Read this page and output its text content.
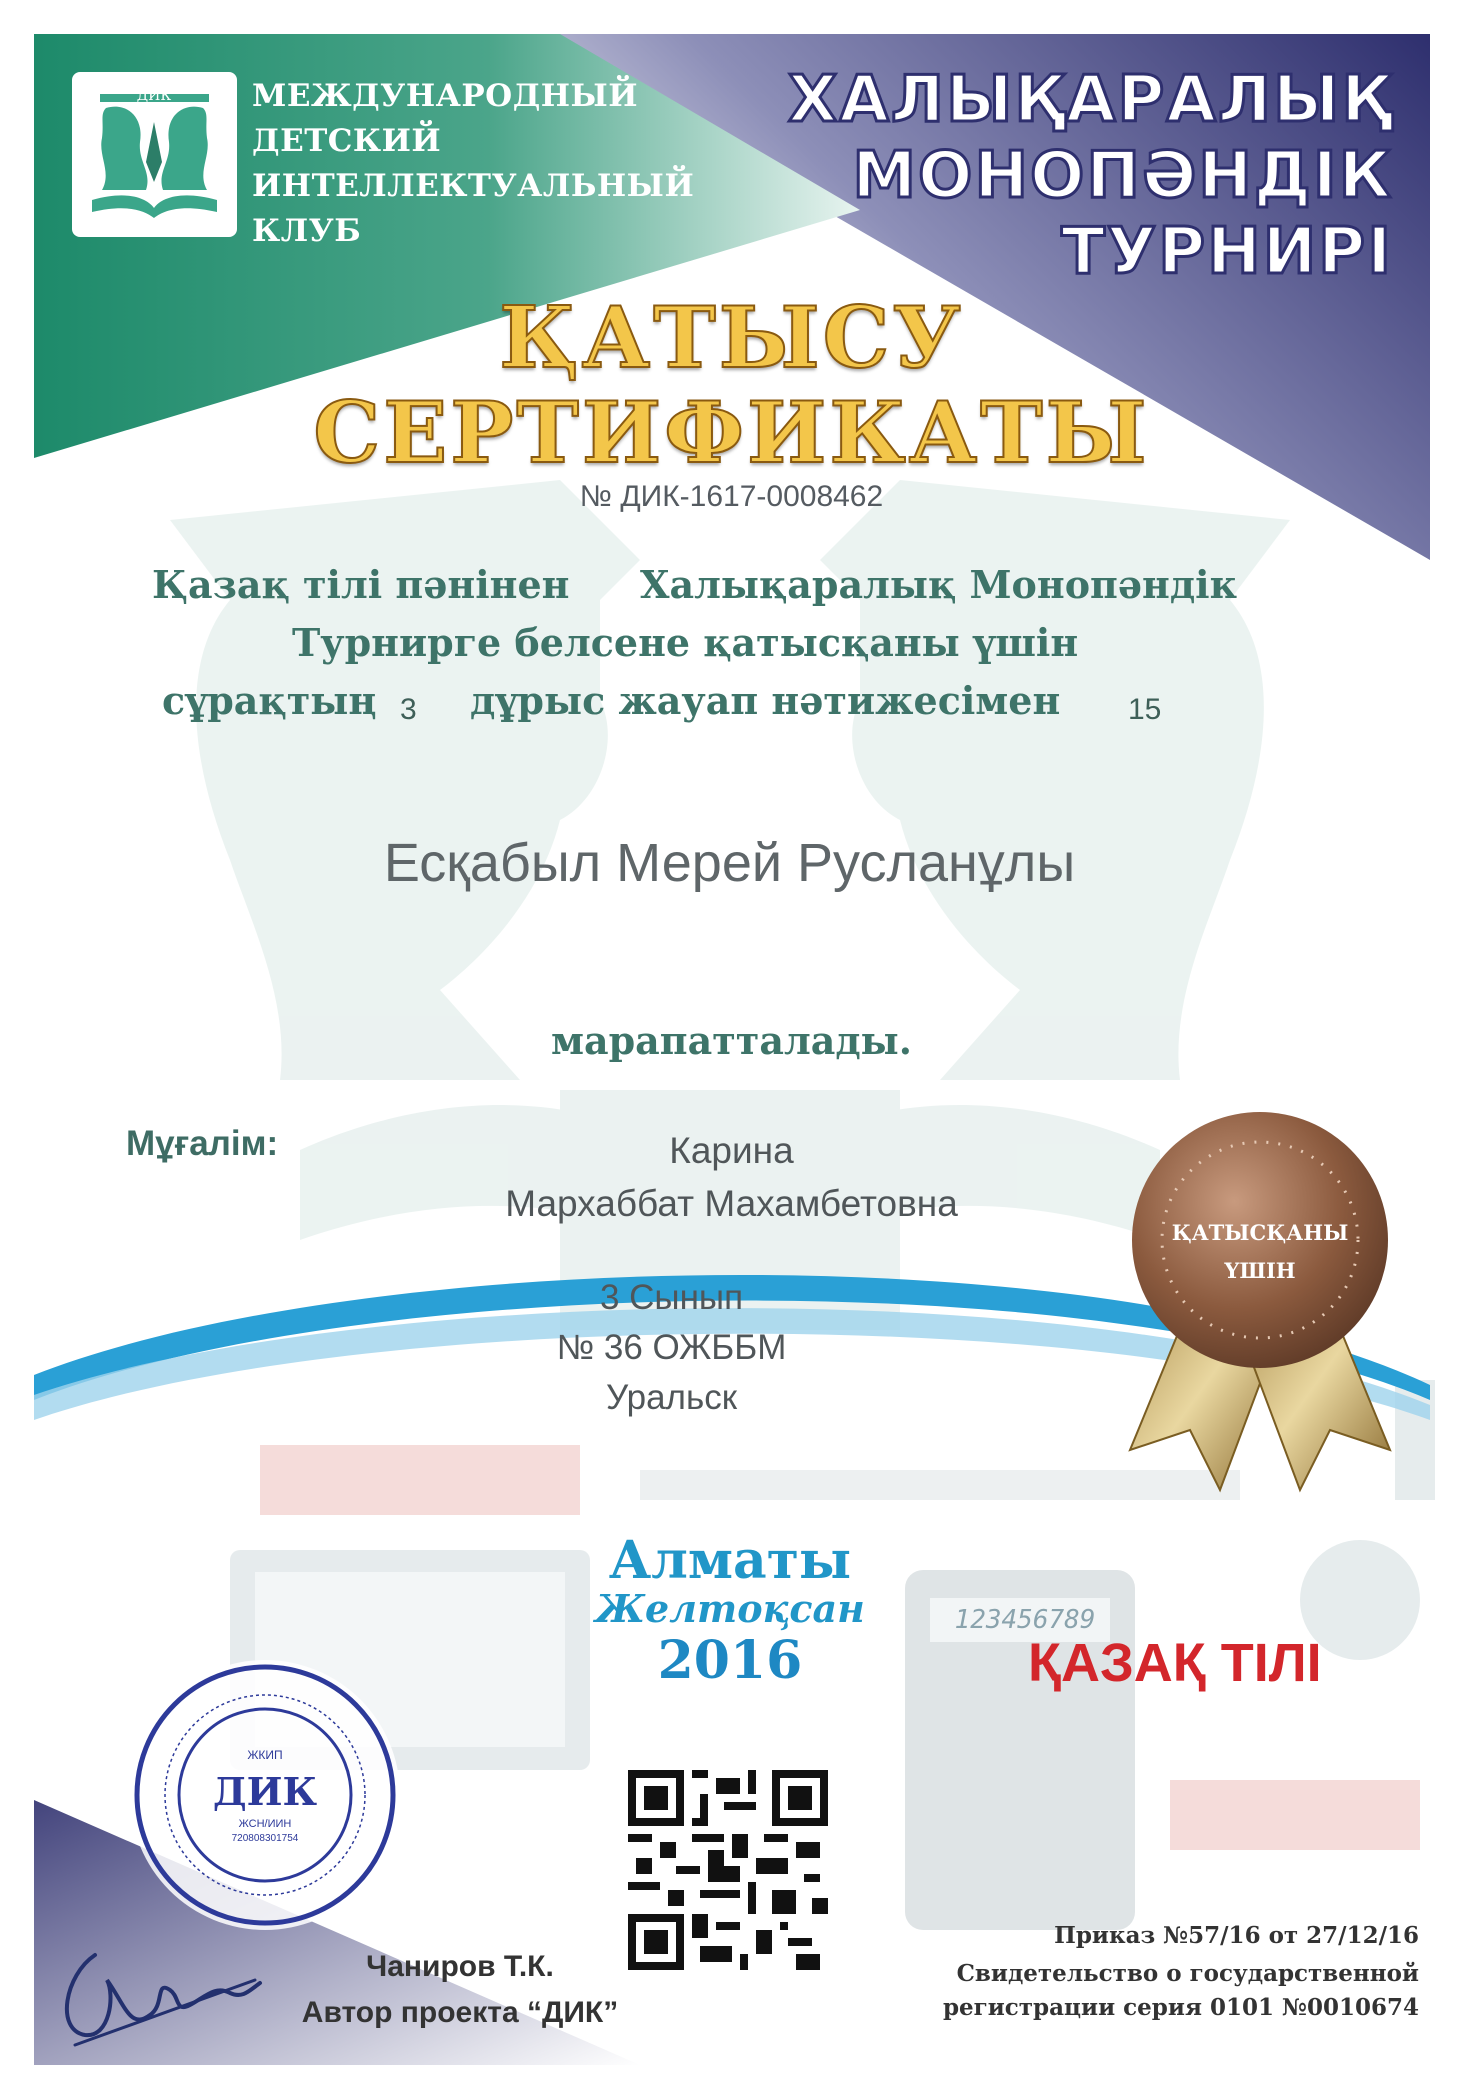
ДИК	МЕЖДУНАРОДНЫЙ
ДЕТСКИЙ
ИНТЕЛЛЕКТУАЛЬНЫЙ
КЛУБ
ХАЛЫҚАРАЛЫҚ
МОНОПӘНДІК
ТУРНИРІ
ҚАТЫСУ
СЕРТИФИКАТЫ
№ ДИК-1617-0008462
Қазақ тілі пәнінен Халықаралық Монопәндік
Турнирге белсене қатысқаны үшін
сұрақтың 3 дұрыс жауап нәтижесімен 15
Есқабыл Мерей Русланұлы
марапатталады.
Мұғалім:	Карина
Мархаббат Махамбетовна
3 Сынып
№ 36 ОЖББМ
Уральск
ҚАТЫСҚАНЫ
ҮШІН
Алматы
Желтоқсан
2016
123456789
ҚАЗАҚ ТІЛІ
ЖКИП
ДИК
ЖСН/ИИН
720808301754
Чаниров Т.К.
Автор проекта “ДИК”
Приказ №57/16 от 27/12/16
Свидетельство о государственной
регистрации серия 0101 №0010674
